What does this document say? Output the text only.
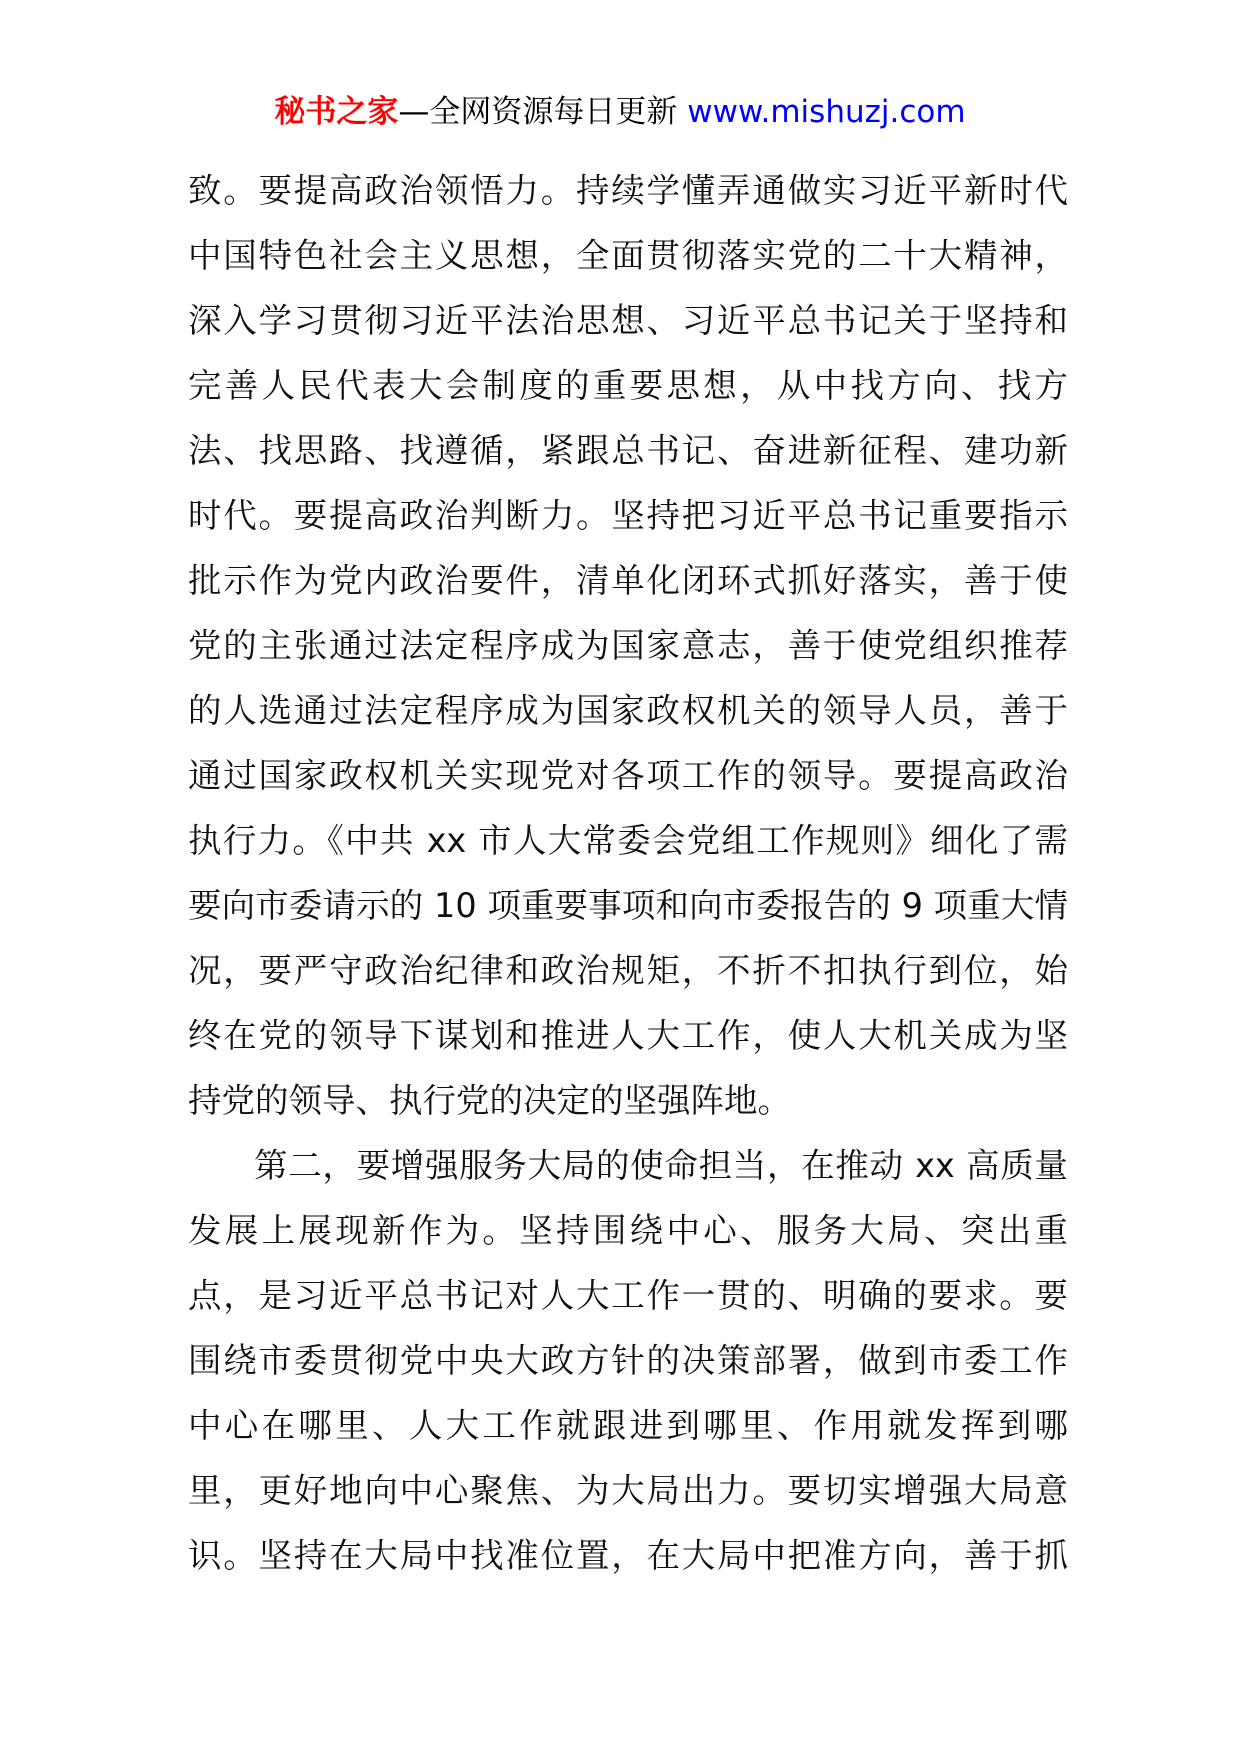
秘书之家—全网资源每日更新 www.mishuzj.com
致。要提高政治领悟力。持续学懂弄通做实习近平新时代
中国特色社会主义思想，全面贯彻落实党的二十大精神，
深入学习贯彻习近平法治思想、习近平总书记关于坚持和
完善人民代表大会制度的重要思想，从中找方向、找方
法、找思路、找遵循，紧跟总书记、奋进新征程、建功新
时代。要提高政治判断力。坚持把习近平总书记重要指示
批示作为党内政治要件，清单化闭环式抓好落实，善于使
党的主张通过法定程序成为国家意志，善于使党组织推荐
的人选通过法定程序成为国家政权机关的领导人员，善于
通过国家政权机关实现党对各项工作的领导。要提高政治
执行力。《中共 xx 市人大常委会党组工作规则》细化了需
要向市委请示的 10 项重要事项和向市委报告的 9 项重大情
况，要严守政治纪律和政治规矩，不折不扣执行到位，始
终在党的领导下谋划和推进人大工作，使人大机关成为坚
持党的领导、执行党的决定的坚强阵地。
第二，要增强服务大局的使命担当，在推动 xx 高质量
发展上展现新作为。坚持围绕中心、服务大局、突出重
点，是习近平总书记对人大工作一贯的、明确的要求。要
围绕市委贯彻党中央大政方针的决策部署，做到市委工作
中心在哪里、人大工作就跟进到哪里、作用就发挥到哪
里，更好地向中心聚焦、为大局出力。要切实增强大局意
识。坚持在大局中找准位置，在大局中把准方向，善于抓
